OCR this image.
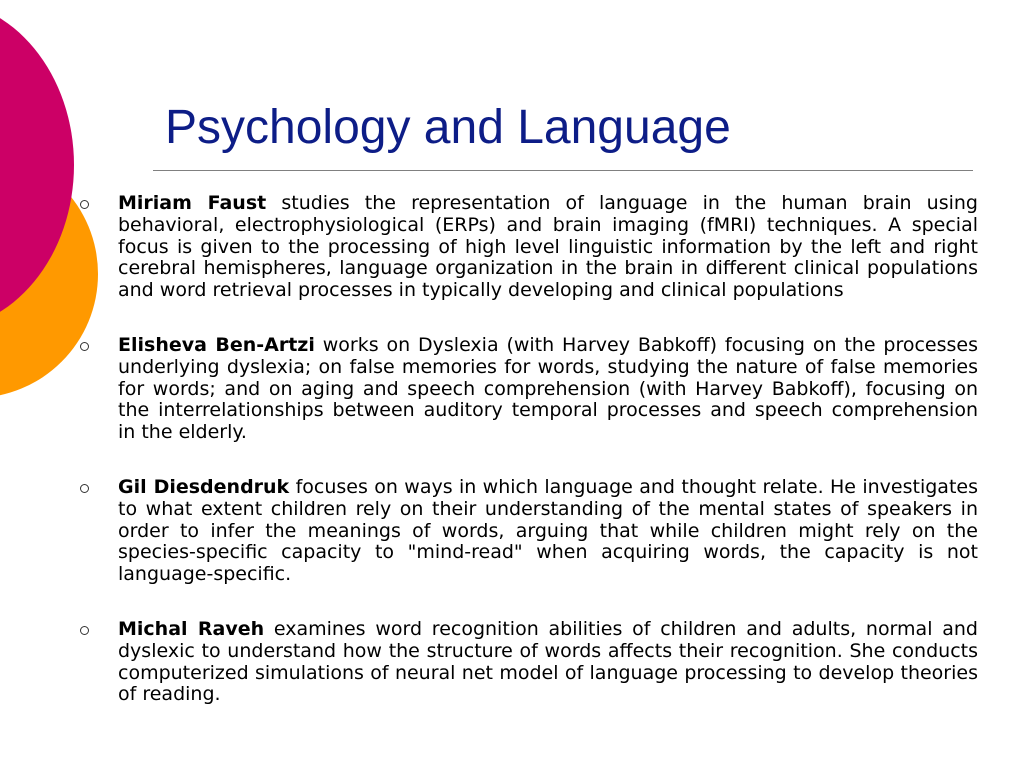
Psychology and Language
Miriam Faust studies the representation of language in the human brain using behavioral, electrophysiological (ERPs) and brain imaging (fMRI) techniques. A special focus is given to the processing of high level linguistic information by the left and right cerebral hemispheres, language organization in the brain in different clinical populations and word retrieval processes in typically developing and clinical populations
Elisheva Ben-Artzi works on Dyslexia (with Harvey Babkoff) focusing on the processes underlying dyslexia; on false memories for words, studying the nature of false memories for words; and on aging and speech comprehension (with Harvey Babkoff), focusing on the interrelationships between auditory temporal processes and speech comprehension in the elderly.
Gil Diesdendruk focuses on ways in which language and thought relate. He investigates to what extent children rely on their understanding of the mental states of speakers in order to infer the meanings of words, arguing that while children might rely on the species-specific capacity to "mind-read" when acquiring words, the capacity is not language-specific.
Michal Raveh examines word recognition abilities of children and adults, normal and dyslexic to understand how the structure of words affects their recognition. She conducts computerized simulations of neural net model of language processing to develop theories of reading.
